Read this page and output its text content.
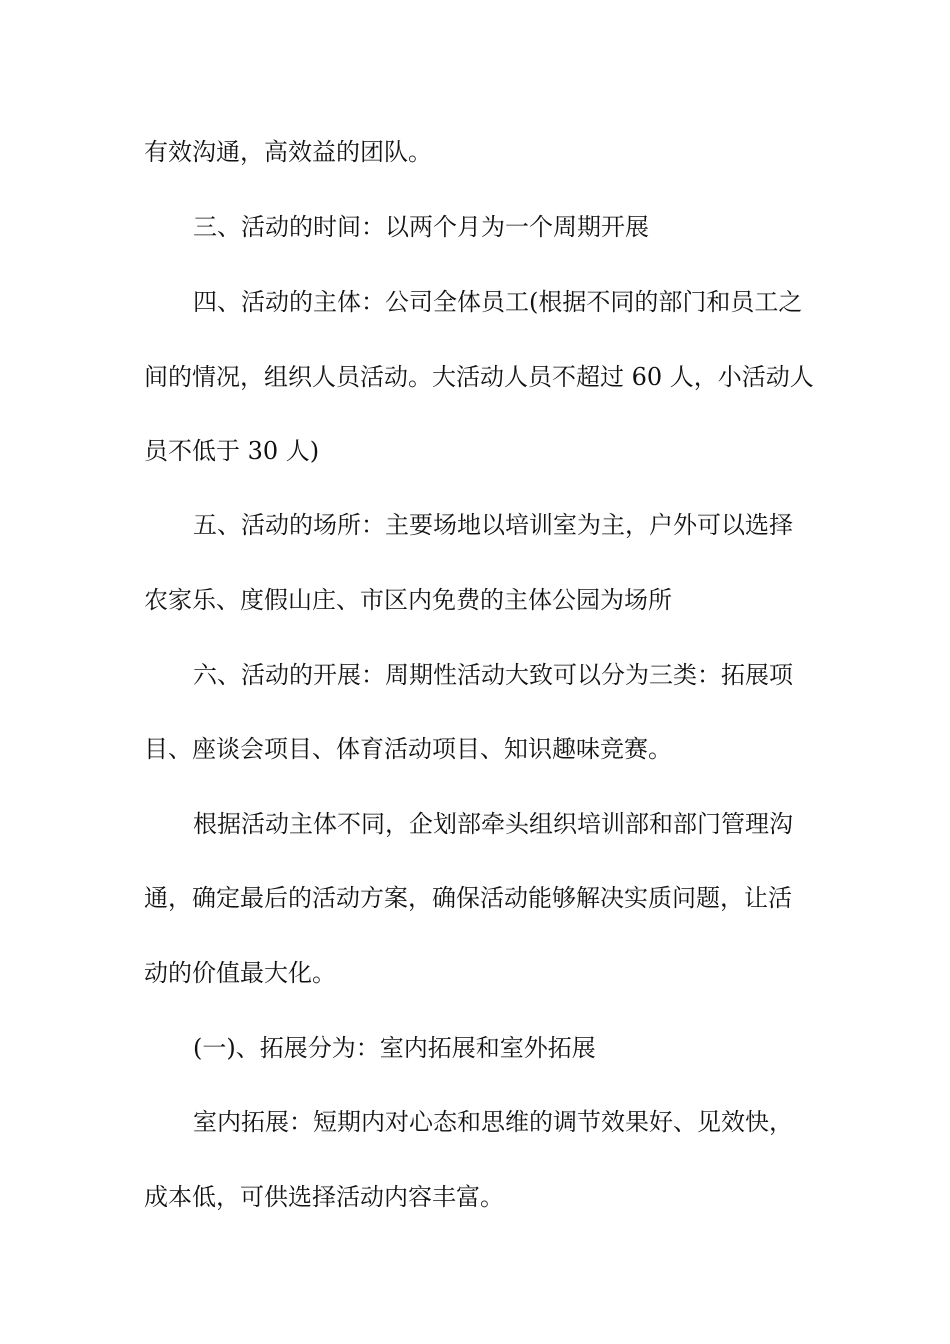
有效沟通，高效益的团队。
三、活动的时间：以两个月为一个周期开展
四、活动的主体：公司全体员工(根据不同的部门和员工之
间的情况，组织人员活动。大活动人员不超过 60 人，小活动人
员不低于 30 人)
五、活动的场所：主要场地以培训室为主，户外可以选择
农家乐、度假山庄、市区内免费的主体公园为场所
六、活动的开展：周期性活动大致可以分为三类：拓展项
目、座谈会项目、体育活动项目、知识趣味竞赛。
根据活动主体不同，企划部牵头组织培训部和部门管理沟
通，确定最后的活动方案，确保活动能够解决实质问题，让活
动的价值最大化。
(一)、拓展分为：室内拓展和室外拓展
室内拓展：短期内对心态和思维的调节效果好、见效快，
成本低，可供选择活动内容丰富。
